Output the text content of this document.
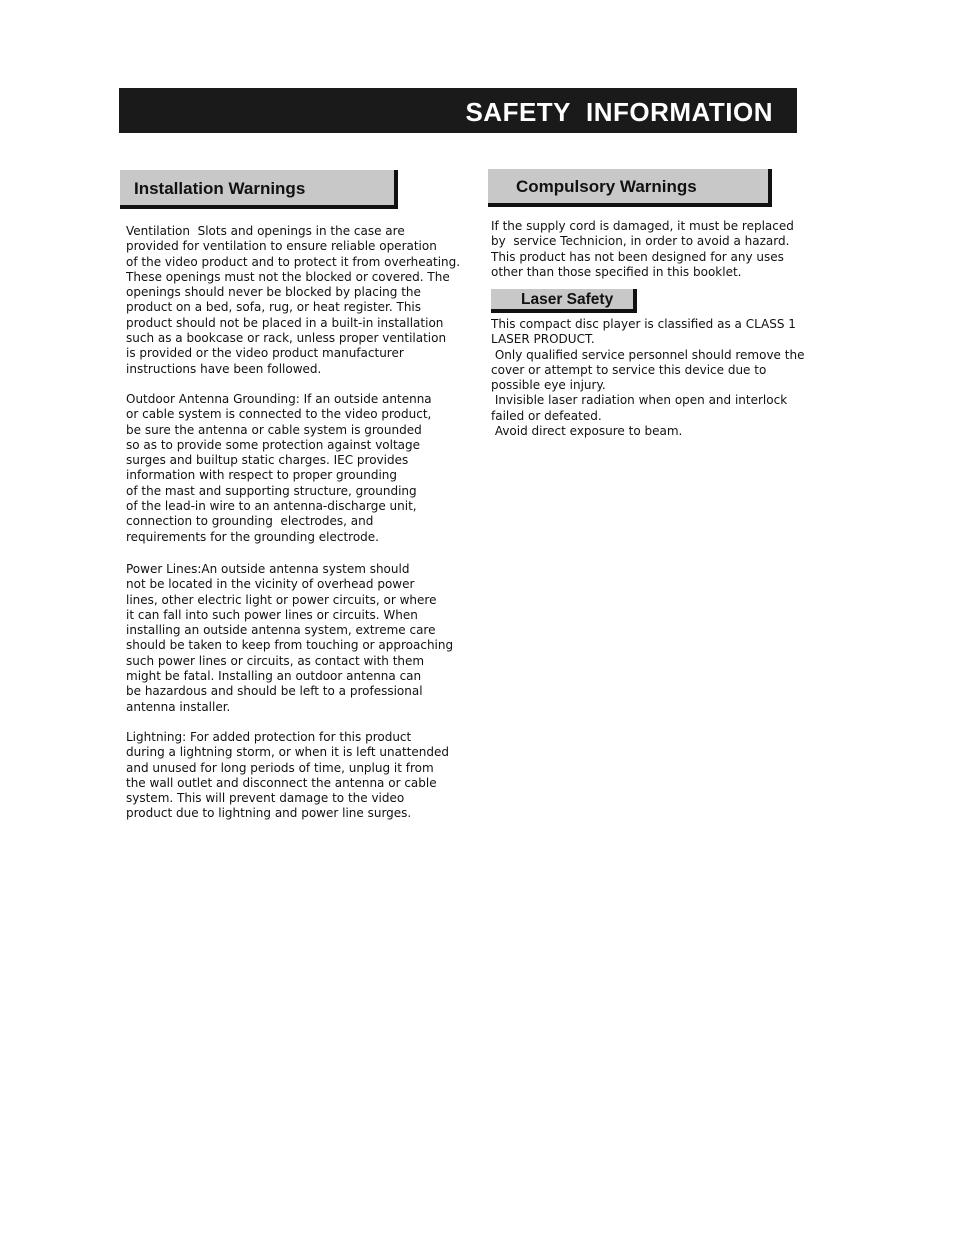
SAFETY  INFORMATION
Installation Warnings
Ventilation  Slots and openings in the case are
provided for ventilation to ensure reliable operation
of the video product and to protect it from overheating.
These openings must not the blocked or covered. The
openings should never be blocked by placing the
product on a bed, sofa, rug, or heat register. This
product should not be placed in a built-in installation
such as a bookcase or rack, unless proper ventilation
is provided or the video product manufacturer
instructions have been followed.
Outdoor Antenna Grounding: If an outside antenna
or cable system is connected to the video product,
be sure the antenna or cable system is grounded
so as to provide some protection against voltage
surges and builtup static charges. IEC provides
information with respect to proper grounding
of the mast and supporting structure, grounding
of the lead-in wire to an antenna-discharge unit,
connection to grounding  electrodes, and
requirements for the grounding electrode.
Power Lines:An outside antenna system should
not be located in the vicinity of overhead power
lines, other electric light or power circuits, or where
it can fall into such power lines or circuits. When
installing an outside antenna system, extreme care
should be taken to keep from touching or approaching
such power lines or circuits, as contact with them
might be fatal. Installing an outdoor antenna can
be hazardous and should be left to a professional
antenna installer.
Lightning: For added protection for this product
during a lightning storm, or when it is left unattended
and unused for long periods of time, unplug it from
the wall outlet and disconnect the antenna or cable
system. This will prevent damage to the video
product due to lightning and power line surges.
Compulsory Warnings
If the supply cord is damaged, it must be replaced
by  service Technicion, in order to avoid a hazard.
This product has not been designed for any uses
other than those specified in this booklet.
Laser Safety
This compact disc player is classified as a CLASS 1
LASER PRODUCT.
Only qualified service personnel should remove the
cover or attempt to service this device due to
possible eye injury.
Invisible laser radiation when open and interlock
failed or defeated.
Avoid direct exposure to beam.
